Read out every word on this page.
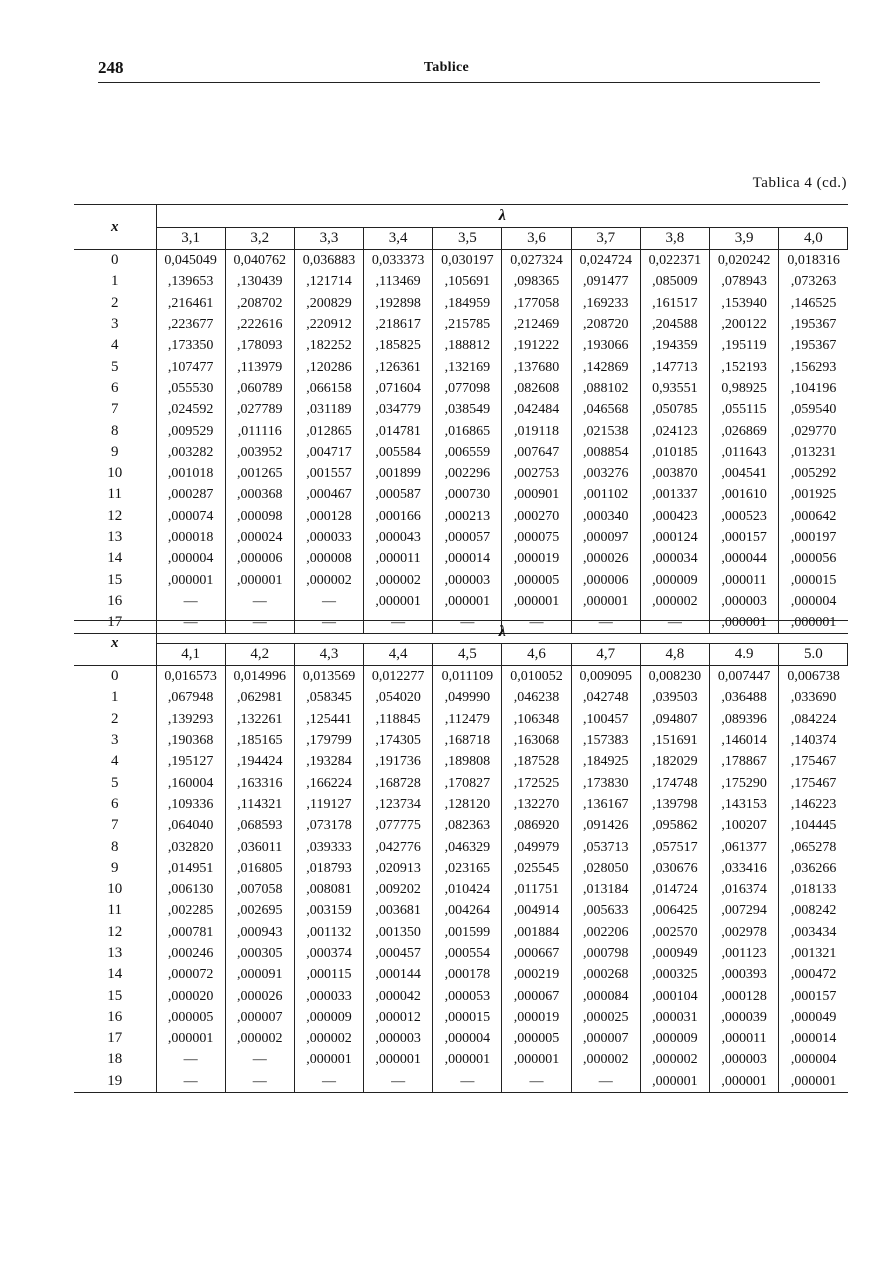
248	Tablice
Tablica 4 (cd.)
x	λ									
	3,1	3,2	3,3	3,4	3,5	3,6	3,7	3,8	3,9	4,0
0	0,045049	0,040762	0,036883	0,033373	0,030197	0,027324	0,024724	0,022371	0,020242	0,018316
1	,139653	,130439	,121714	,113469	,105691	,098365	,091477	,085009	,078943	,073263
2	,216461	,208702	,200829	,192898	,184959	,177058	,169233	,161517	,153940	,146525
3	,223677	,222616	,220912	,218617	,215785	,212469	,208720	,204588	,200122	,195367
4	,173350	,178093	,182252	,185825	,188812	,191222	,193066	,194359	,195119	,195367
5	,107477	,113979	,120286	,126361	,132169	,137680	,142869	,147713	,152193	,156293
6	,055530	,060789	,066158	,071604	,077098	,082608	,088102	0,93551	0,98925	,104196
7	,024592	,027789	,031189	,034779	,038549	,042484	,046568	,050785	,055115	,059540
8	,009529	,011116	,012865	,014781	,016865	,019118	,021538	,024123	,026869	,029770
9	,003282	,003952	,004717	,005584	,006559	,007647	,008854	,010185	,011643	,013231
10	,001018	,001265	,001557	,001899	,002296	,002753	,003276	,003870	,004541	,005292
11	,000287	,000368	,000467	,000587	,000730	,000901	,001102	,001337	,001610	,001925
12	,000074	,000098	,000128	,000166	,000213	,000270	,000340	,000423	,000523	,000642
13	,000018	,000024	,000033	,000043	,000057	,000075	,000097	,000124	,000157	,000197
14	,000004	,000006	,000008	,000011	,000014	,000019	,000026	,000034	,000044	,000056
15	,000001	,000001	,000002	,000002	,000003	,000005	,000006	,000009	,000011	,000015
16	—	—	—	,000001	,000001	,000001	,000001	,000002	,000003	,000004
17	—	—	—	—	—	—	—	—	,000001	,000001
x	λ									
	4,1	4,2	4,3	4,4	4,5	4,6	4,7	4,8	4.9	5.0
0	0,016573	0,014996	0,013569	0,012277	0,011109	0,010052	0,009095	0,008230	0,007447	0,006738
1	,067948	,062981	,058345	,054020	,049990	,046238	,042748	,039503	,036488	,033690
2	,139293	,132261	,125441	,118845	,112479	,106348	,100457	,094807	,089396	,084224
3	,190368	,185165	,179799	,174305	,168718	,163068	,157383	,151691	,146014	,140374
4	,195127	,194424	,193284	,191736	,189808	,187528	,184925	,182029	,178867	,175467
5	,160004	,163316	,166224	,168728	,170827	,172525	,173830	,174748	,175290	,175467
6	,109336	,114321	,119127	,123734	,128120	,132270	,136167	,139798	,143153	,146223
7	,064040	,068593	,073178	,077775	,082363	,086920	,091426	,095862	,100207	,104445
8	,032820	,036011	,039333	,042776	,046329	,049979	,053713	,057517	,061377	,065278
9	,014951	,016805	,018793	,020913	,023165	,025545	,028050	,030676	,033416	,036266
10	,006130	,007058	,008081	,009202	,010424	,011751	,013184	,014724	,016374	,018133
11	,002285	,002695	,003159	,003681	,004264	,004914	,005633	,006425	,007294	,008242
12	,000781	,000943	,001132	,001350	,001599	,001884	,002206	,002570	,002978	,003434
13	,000246	,000305	,000374	,000457	,000554	,000667	,000798	,000949	,001123	,001321
14	,000072	,000091	,000115	,000144	,000178	,000219	,000268	,000325	,000393	,000472
15	,000020	,000026	,000033	,000042	,000053	,000067	,000084	,000104	,000128	,000157
16	,000005	,000007	,000009	,000012	,000015	,000019	,000025	,000031	,000039	,000049
17	,000001	,000002	,000002	,000003	,000004	,000005	,000007	,000009	,000011	,000014
18	—	—	,000001	,000001	,000001	,000001	,000002	,000002	,000003	,000004
19	—	—	—	—	—	—	—	,000001	,000001	,000001
